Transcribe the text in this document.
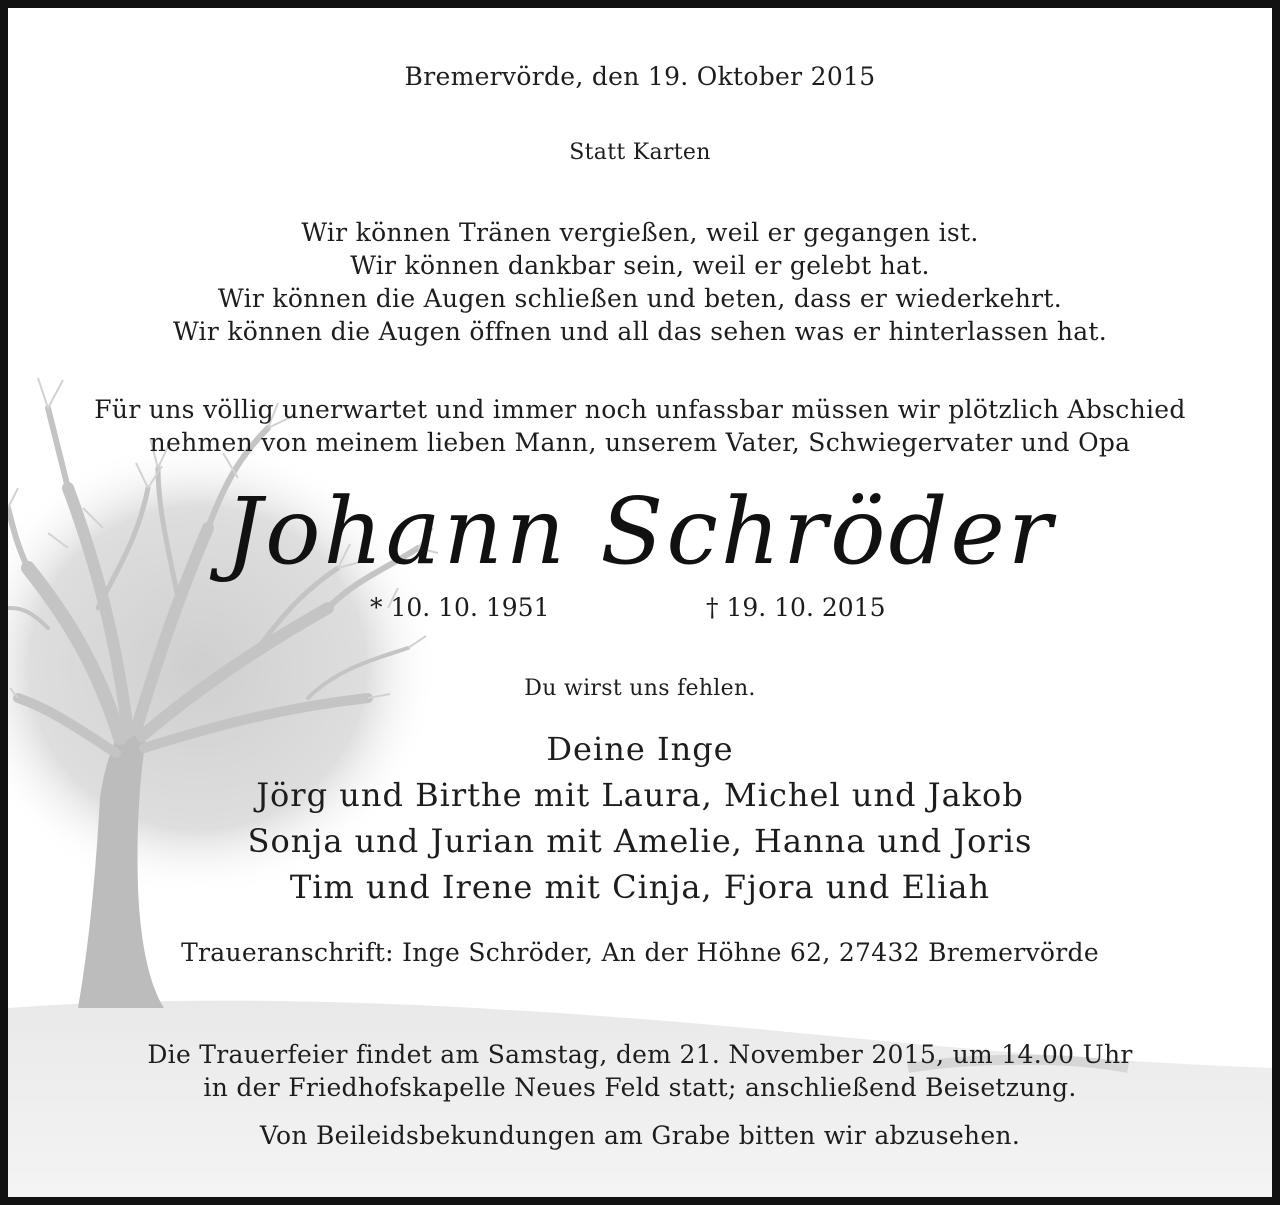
Bremervörde, den 19. Oktober 2015

Statt Karten

Wir können Tränen vergießen, weil er gegangen ist.

Wir können dankbar sein, weil er gelebt hat.

Wir können die Augen schließen und beten, dass er wiederkehrt.

Wir können die Augen öffnen und all das sehen was er hinterlassen hat.

Für uns völlig unerwartet und immer noch unfassbar müssen wir plötzlich Abschied

nehmen von meinem lieben Mann, unserem Vater, Schwiegervater und Opa

Johann Schröder

* 10. 10. 1951	† 19. 10. 2015

Du wirst uns fehlen.

Deine Inge

Jörg und Birthe mit Laura, Michel und Jakob

Sonja und Jurian mit Amelie, Hanna und Joris

Tim und Irene mit Cinja, Fjora und Eliah

Traueranschrift: Inge Schröder, An der Höhne 62, 27432 Bremervörde

Die Trauerfeier findet am Samstag, dem 21. November 2015, um 14.00 Uhr

in der Friedhofskapelle Neues Feld statt; anschließend Beisetzung.

Von Beileidsbekundungen am Grabe bitten wir abzusehen.
